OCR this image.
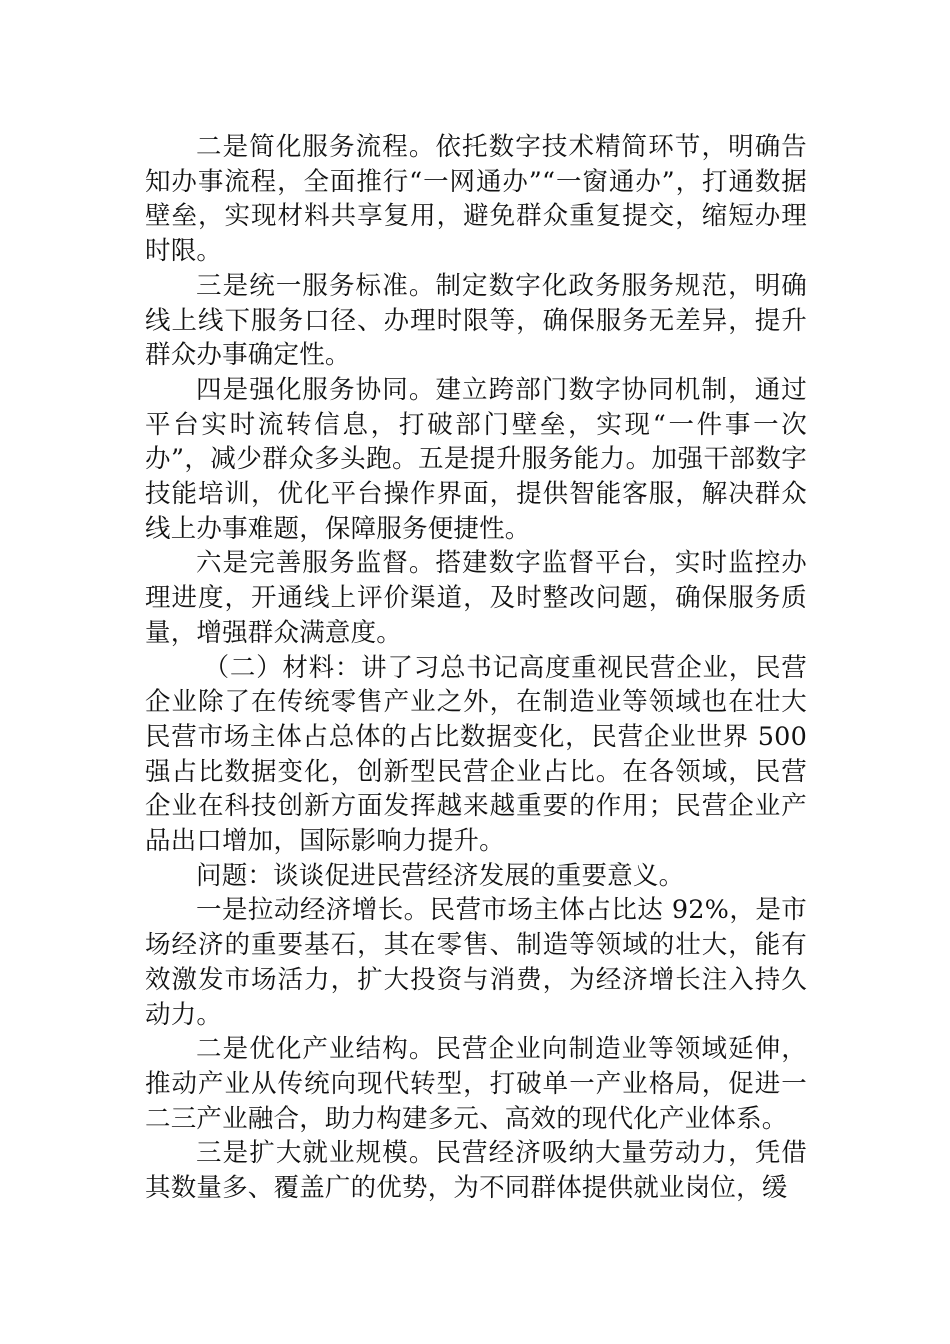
二是简化服务流程。依托数字技术精简环节，明确告知办事流程，全面推行“一网通办”“一窗通办”，打通数据壁垒，实现材料共享复用，避免群众重复提交，缩短办理时限。

三是统一服务标准。制定数字化政务服务规范，明确线上线下服务口径、办理时限等，确保服务无差异，提升群众办事确定性。

四是强化服务协同。建立跨部门数字协同机制，通过平台实时流转信息，打破部门壁垒，实现“一件事一次办”，减少群众多头跑。五是提升服务能力。加强干部数字技能培训，优化平台操作界面，提供智能客服，解决群众线上办事难题，保障服务便捷性。

六是完善服务监督。搭建数字监督平台，实时监控办理进度，开通线上评价渠道，及时整改问题，确保服务质量，增强群众满意度。

（二）材料：讲了习总书记高度重视民营企业，民营企业除了在传统零售产业之外，在制造业等领域也在壮大民营市场主体占总体的占比数据变化，民营企业世界 500 强占比数据变化，创新型民营企业占比。在各领域，民营企业在科技创新方面发挥越来越重要的作用；民营企业产品出口增加，国际影响力提升。

问题：谈谈促进民营经济发展的重要意义。

一是拉动经济增长。民营市场主体占比达 92%，是市场经济的重要基石，其在零售、制造等领域的壮大，能有效激发市场活力，扩大投资与消费，为经济增长注入持久动力。

二是优化产业结构。民营企业向制造业等领域延伸，推动产业从传统向现代转型，打破单一产业格局，促进一二三产业融合，助力构建多元、高效的现代化产业体系。

三是扩大就业规模。民营经济吸纳大量劳动力，凭借其数量多、覆盖广的优势，为不同群体提供就业岗位，缓
